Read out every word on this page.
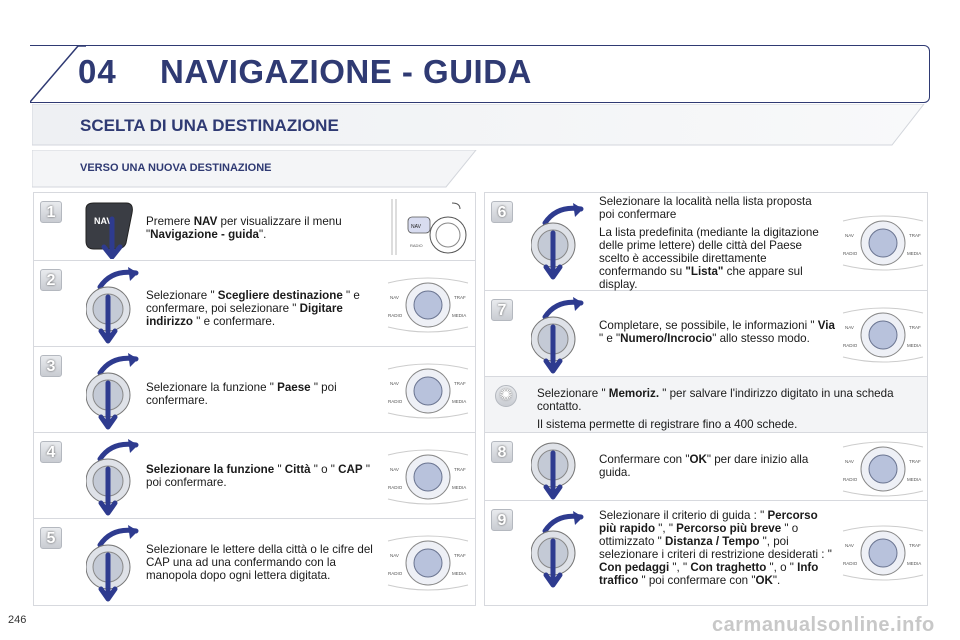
04 NAVIGAZIONE - GUIDA
SCELTA DI UNA DESTINAZIONE
VERSO UNA NUOVA DESTINAZIONE
1	NAV	Premere NAV per visualizzare il menu "Navigazione - guida".
NAV
RADIO
2
Selezionare " Scegliere destinazione " e confermare, poi selezionare " Digitare indirizzo " e confermare.
NAV	TRAF
RADIO	MEDIA
3
Selezionare la funzione " Paese " poi confermare.
NAV	TRAF
RADIO	MEDIA
4
Selezionare la funzione " Città " o " CAP " poi confermare.
NAV	TRAF
RADIO	MEDIA
5
Selezionare le lettere della città o le cifre del CAP una ad una confermando con la manopola dopo ogni lettera digitata.
NAV	TRAF
RADIO	MEDIA
6

Selezionare la località nella lista proposta poi confermare

La lista predefinita (mediante la digitazione delle prime lettere) delle città del Paese scelto è accessibile direttamente confermando su "Lista" che appare sul display.

NAV	TRAF
RADIO	MEDIA
7
Completare, se possibile, le informazioni " Via " e "Numero/Incrocio" allo stesso modo.
NAV	TRAF
RADIO	MEDIA
✺	Selezionare " Memoriz. " per salvare l'indirizzo digitato in una scheda contatto.

Il sistema permette di registrare fino a 400 schede.

8	Confermare con "OK" per dare inizio alla guida.
NAV	TRAF
RADIO	MEDIA
9	Selezionare il criterio di guida : " Percorso più rapido ", " Percorso più breve " o ottimizzato " Distanza / Tempo ", poi selezionare i criteri di restrizione desiderati : " Con pedaggi ", " Con traghetto ", o " Info traffico " poi confermare con "OK".
NAV	TRAF
RADIO	MEDIA
246	carmanualsonline.info
